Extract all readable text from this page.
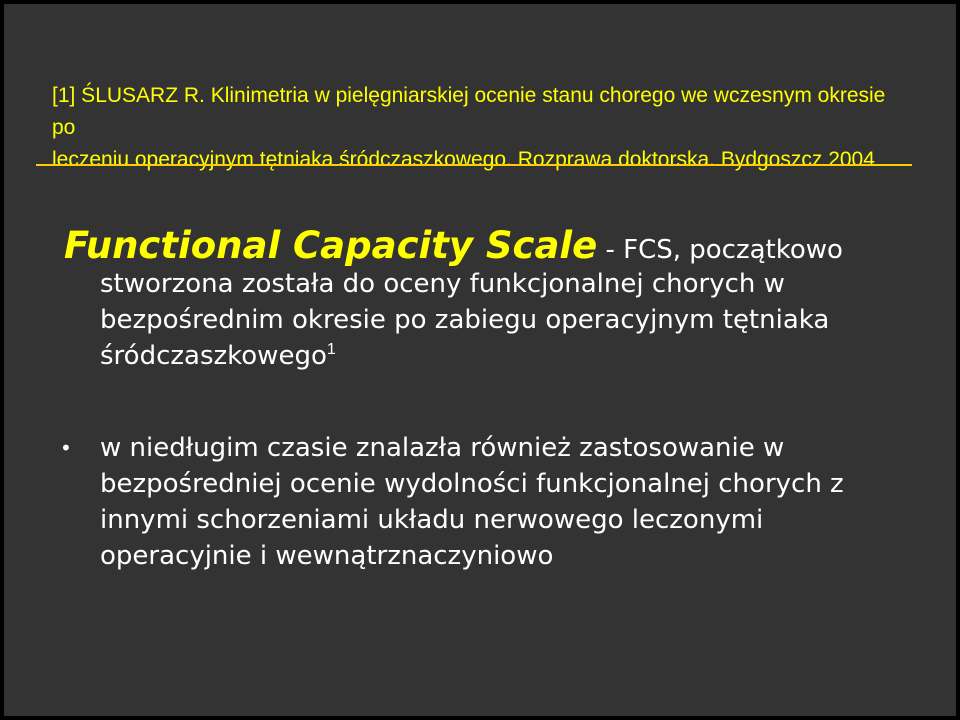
[1] ŚLUSARZ R. Klinimetria w pielęgniarskiej ocenie stanu chorego we wczesnym okresie po
leczeniu operacyjnym tętniaka śródczaszkowego. Rozprawa doktorska. Bydgoszcz 2004
Functional Capacity Scale - FCS, początkowo
stworzona została do oceny funkcjonalnej chorych w bezpośrednim okresie po zabiegu operacyjnym tętniaka śródczaszkowego$^1$
• w niedługim czasie znalazła również zastosowanie w bezpośredniej ocenie wydolności funkcjonalnej chorych z innymi schorzeniami układu nerwowego leczonymi operacyjnie i wewnątrznaczyniowo
